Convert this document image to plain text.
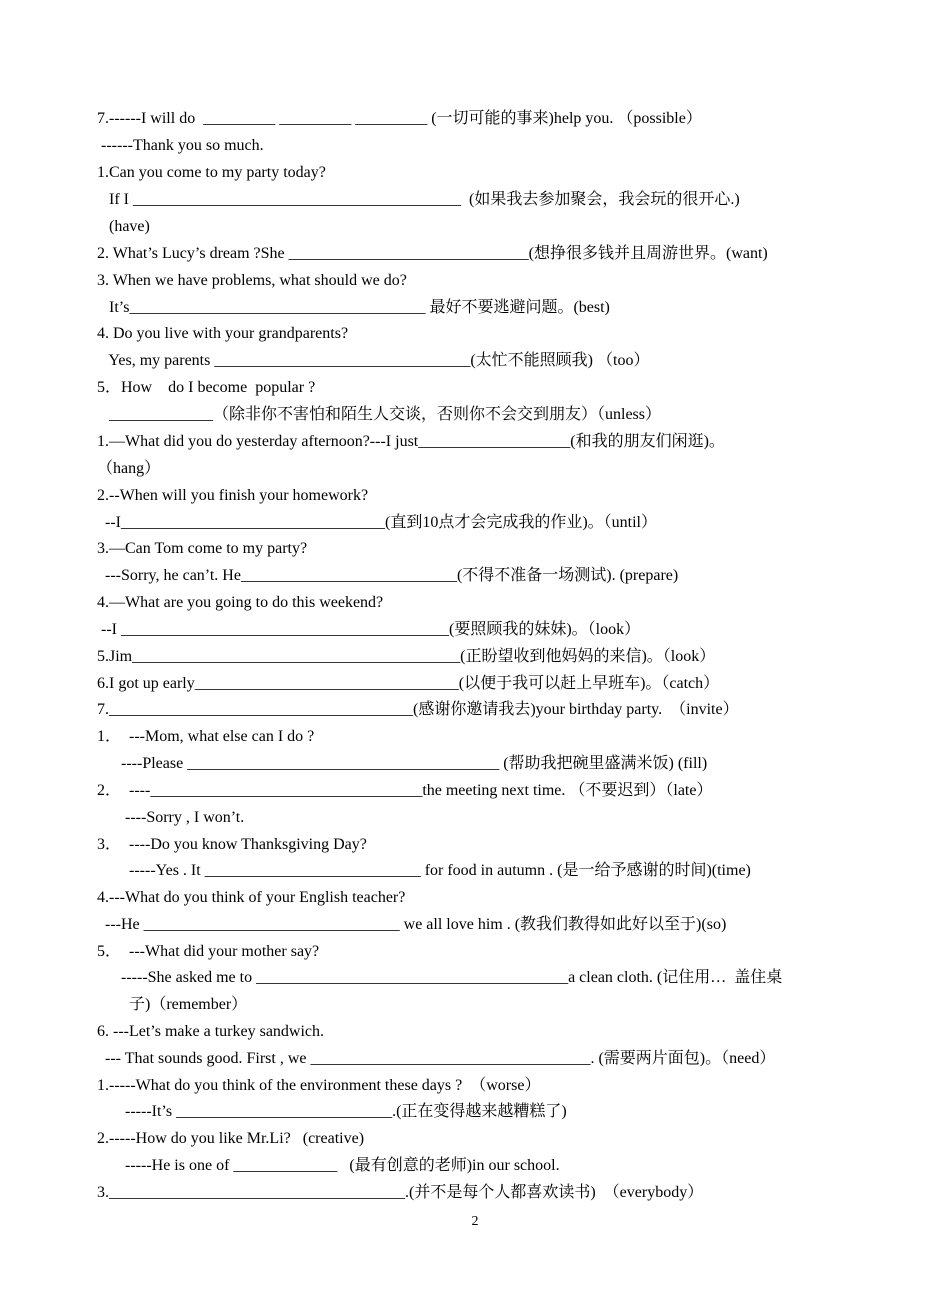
7.------I will do  _________ _________ _________ (一切可能的事来)help you. （possible）
------Thank you so much.
1.Can you come to my party today?
If I _________________________________________  (如果我去参加聚会，我会玩的很开心.)
(have)
2. What’s Lucy’s dream ?She ______________________________(想挣很多钱并且周游世界。(want)
3. When we have problems, what should we do?
It’s_____________________________________ 最好不要逃避问题。(best)
4. Do you live with your grandparents?
Yes, my parents ________________________________(太忙不能照顾我) （too）
5．How    do I become  popular ?
_____________（除非你不害怕和陌生人交谈，否则你不会交到朋友）（unless）
1.—What did you do yesterday afternoon?---I just___________________(和我的朋友们闲逛)。
（hang）
2.--When will you finish your homework?
--I_________________________________(直到10点才会完成我的作业)。（until）
3.—Can Tom come to my party?
---Sorry, he can’t. He___________________________(不得不准备一场测试). (prepare)
4.—What are you going to do this weekend?
--I _________________________________________(要照顾我的妹妹)。（look）
5.Jim_________________________________________(正盼望收到他妈妈的来信)。（look）
6.I got up early_________________________________(以便于我可以赶上早班车)。（catch）
7.______________________________________(感谢你邀请我去)your birthday party.  （invite）
1．  ---Mom, what else can I do ?
----Please _______________________________________ (帮助我把碗里盛满米饭) (fill)
2．  ----__________________________________the meeting next time. （不要迟到）（late）
----Sorry , I won’t.
3．  ----Do you know Thanksgiving Day?
-----Yes . It ___________________________ for food in autumn . (是一给予感谢的时间)(time)
4.---What do you think of your English teacher?
---He ________________________________ we all love him . (教我们教得如此好以至于)(so)
5．  ---What did your mother say?
-----She asked me to _______________________________________a clean cloth. (记住用…  盖住桌
子)（remember）
6. ---Let’s make a turkey sandwich.
--- That sounds good. First , we ___________________________________. (需要两片面包)。（need）
1.-----What do you think of the environment these days ?  （worse）
-----It’s ___________________________.(正在变得越来越糟糕了)
2.-----How do you like Mr.Li?   (creative)
-----He is one of _____________   (最有创意的老师)in our school.
3._____________________________________.(并不是每个人都喜欢读书)  （everybody）
2
